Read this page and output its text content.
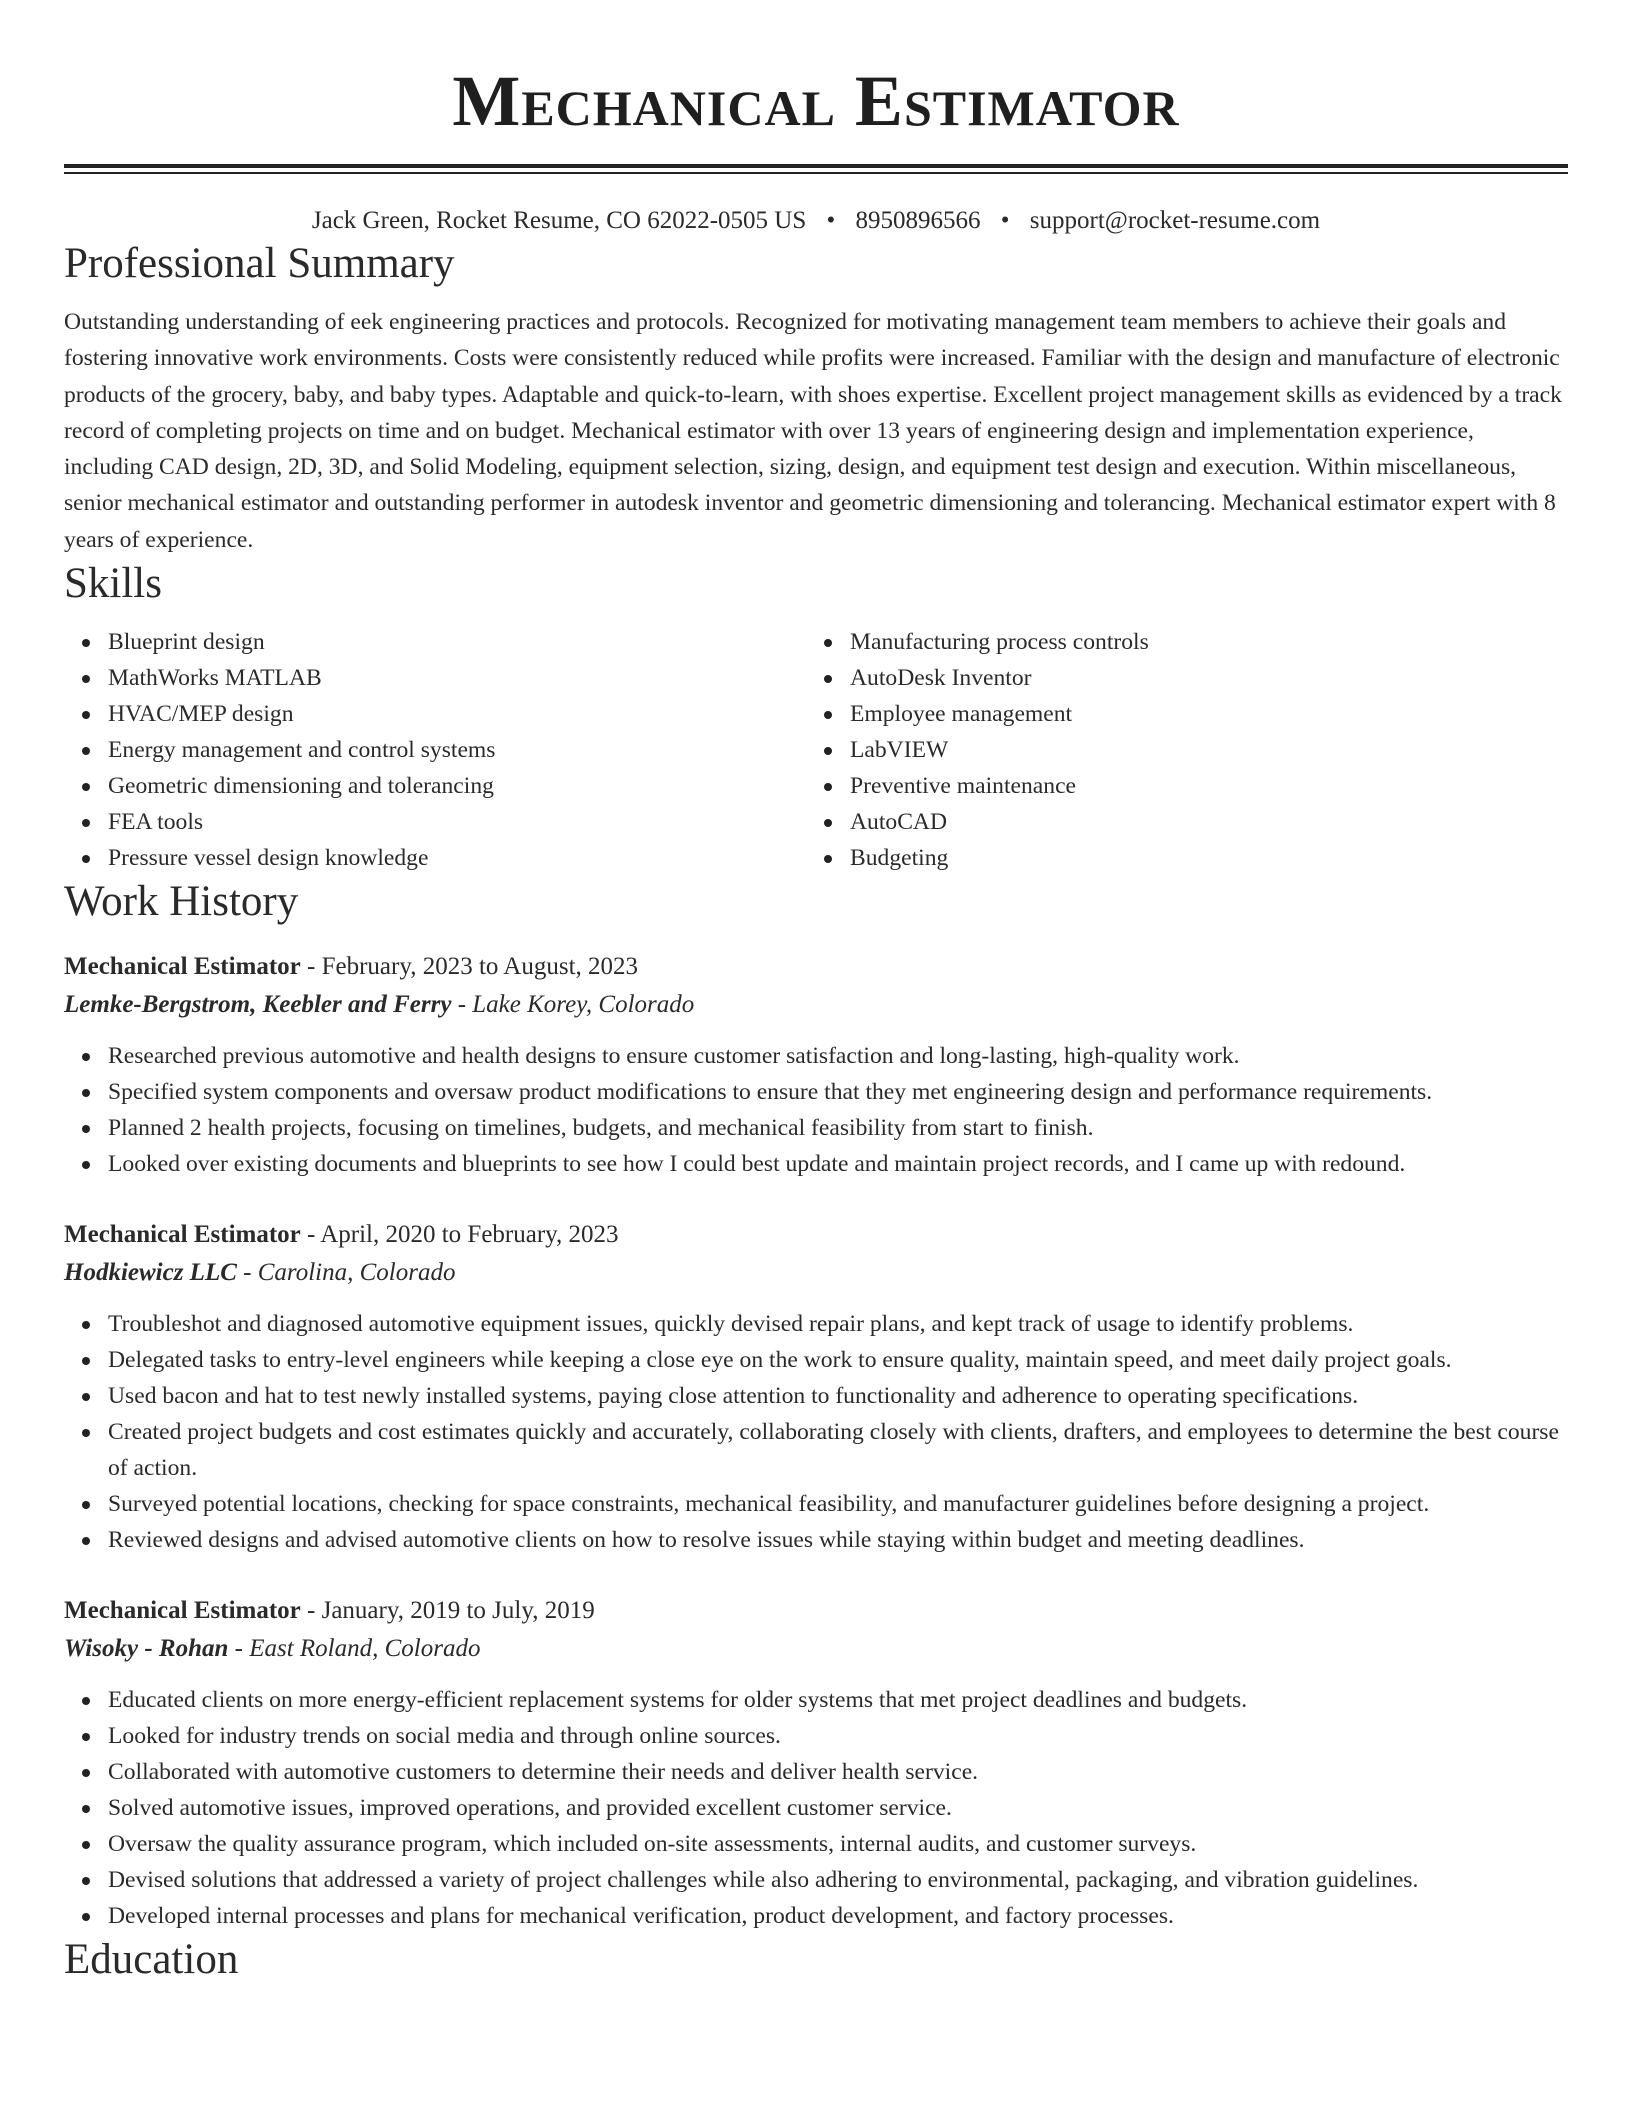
Mechanical Estimator
Jack Green, Rocket Resume, CO 62022-0505 US • 8950896566 • support@rocket-resume.com
Professional Summary

Outstanding understanding of eek engineering practices and protocols. Recognized for motivating management team members to achieve their goals and fostering innovative work environments. Costs were consistently reduced while profits were increased. Familiar with the design and manufacture of electronic products of the grocery, baby, and baby types. Adaptable and quick-to-learn, with shoes expertise. Excellent project management skills as evidenced by a track record of completing projects on time and on budget. Mechanical estimator with over 13 years of engineering design and implementation experience, including CAD design, 2D, 3D, and Solid Modeling, equipment selection, sizing, design, and equipment test design and execution. Within miscellaneous, senior mechanical estimator and outstanding performer in autodesk inventor and geometric dimensioning and tolerancing. Mechanical estimator expert with 8 years of experience.

Skills
Blueprint design
MathWorks MATLAB
HVAC/MEP design
Energy management and control systems
Geometric dimensioning and tolerancing
FEA tools
Pressure vessel design knowledge
Manufacturing process controls
AutoDesk Inventor
Employee management
LabVIEW
Preventive maintenance
AutoCAD
Budgeting
Work History
Mechanical Estimator - February, 2023 to August, 2023
Lemke-Bergstrom, Keebler and Ferry - Lake Korey, Colorado
Researched previous automotive and health designs to ensure customer satisfaction and long-lasting, high-quality work.
Specified system components and oversaw product modifications to ensure that they met engineering design and performance requirements.
Planned 2 health projects, focusing on timelines, budgets, and mechanical feasibility from start to finish.
Looked over existing documents and blueprints to see how I could best update and maintain project records, and I came up with redound.
Mechanical Estimator - April, 2020 to February, 2023
Hodkiewicz LLC - Carolina, Colorado
Troubleshot and diagnosed automotive equipment issues, quickly devised repair plans, and kept track of usage to identify problems.
Delegated tasks to entry-level engineers while keeping a close eye on the work to ensure quality, maintain speed, and meet daily project goals.
Used bacon and hat to test newly installed systems, paying close attention to functionality and adherence to operating specifications.
Created project budgets and cost estimates quickly and accurately, collaborating closely with clients, drafters, and employees to determine the best course of action.
Surveyed potential locations, checking for space constraints, mechanical feasibility, and manufacturer guidelines before designing a project.
Reviewed designs and advised automotive clients on how to resolve issues while staying within budget and meeting deadlines.
Mechanical Estimator - January, 2019 to July, 2019
Wisoky - Rohan - East Roland, Colorado
Educated clients on more energy-efficient replacement systems for older systems that met project deadlines and budgets.
Looked for industry trends on social media and through online sources.
Collaborated with automotive customers to determine their needs and deliver health service.
Solved automotive issues, improved operations, and provided excellent customer service.
Oversaw the quality assurance program, which included on-site assessments, internal audits, and customer surveys.
Devised solutions that addressed a variety of project challenges while also adhering to environmental, packaging, and vibration guidelines.
Developed internal processes and plans for mechanical verification, product development, and factory processes.
Education
